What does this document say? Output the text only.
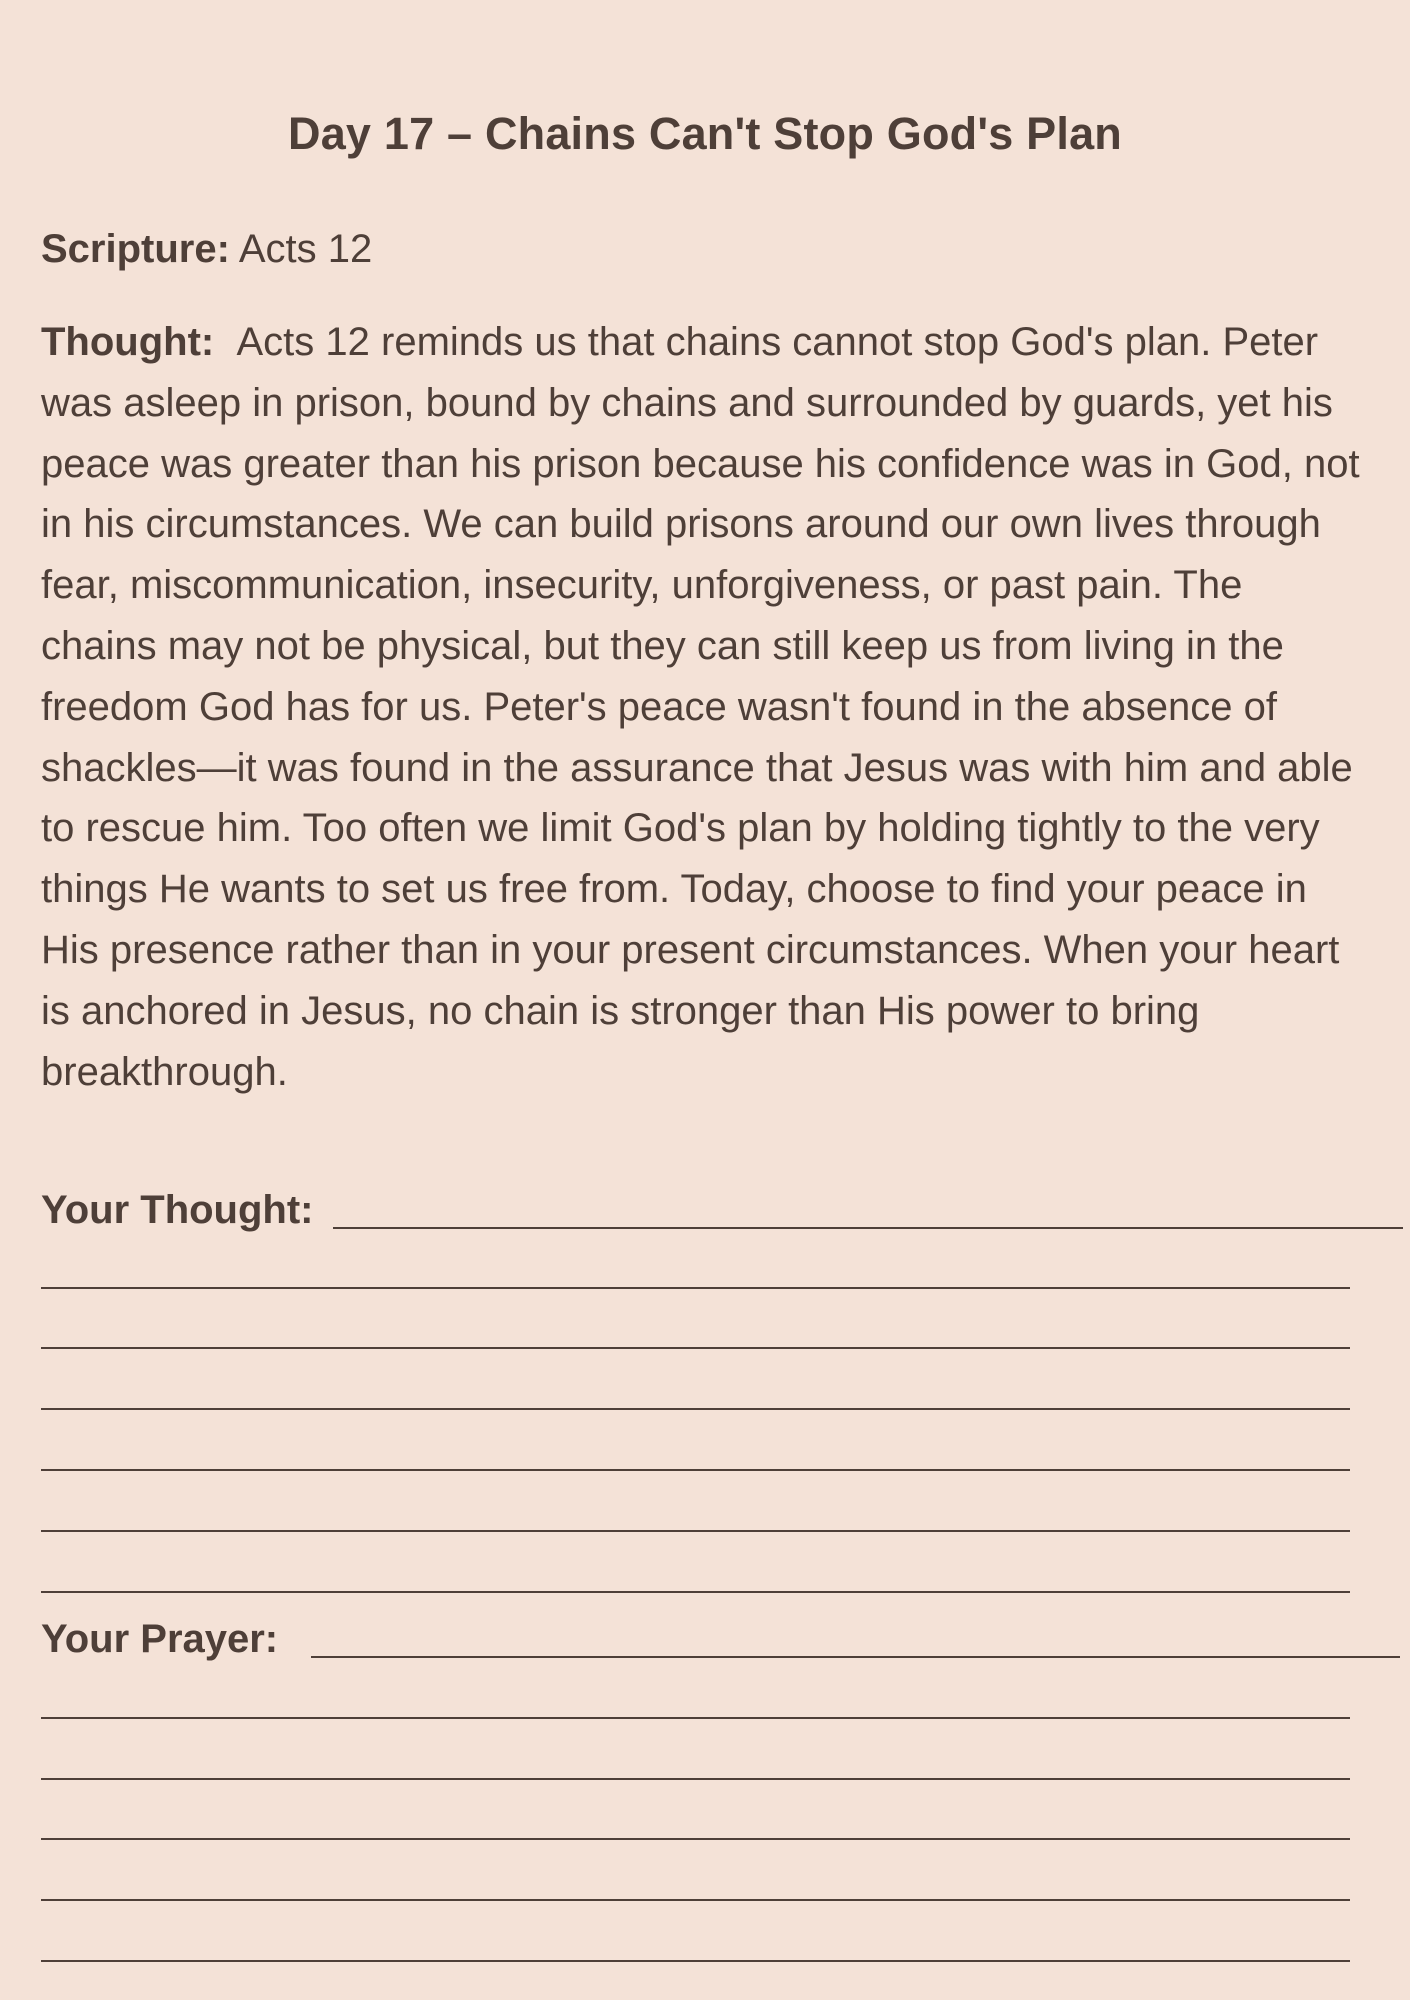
Day 17 – Chains Can't Stop God's Plan
Scripture: Acts 12

Thought: Acts 12 reminds us that chains cannot stop God's plan. Peter was asleep in prison, bound by chains and surrounded by guards, yet his peace was greater than his prison because his confidence was in God, not in his circumstances. We can build prisons around our own lives through fear, miscommunication, insecurity, unforgiveness, or past pain. The chains may not be physical, but they can still keep us from living in the freedom God has for us. Peter's peace wasn't found in the absence of shackles—it was found in the assurance that Jesus was with him and able to rescue him. Too often we limit God's plan by holding tightly to the very things He wants to set us free from. Today, choose to find your peace in His presence rather than in your present circumstances. When your heart is anchored in Jesus, no chain is stronger than His power to bring breakthrough.

Your Thought:
Your Prayer:
